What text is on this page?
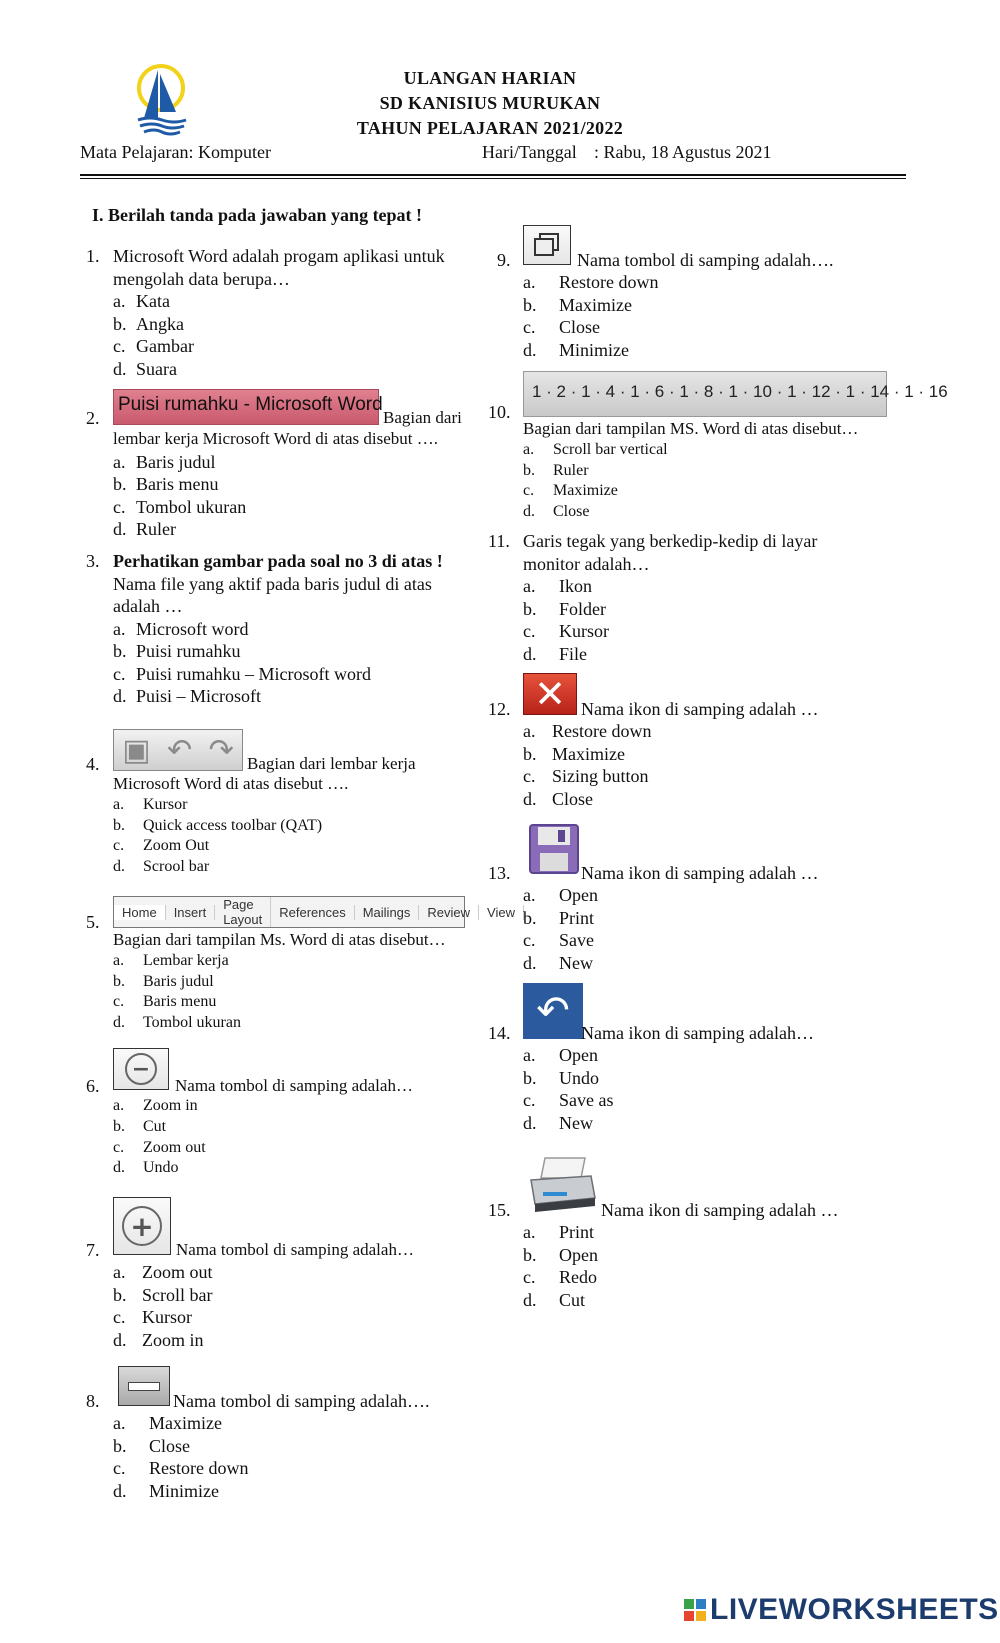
ULANGAN HARIAN
SD KANISIUS MURUKAN
TAHUN PELAJARAN 2021/2022
Mata Pelajaran: Komputer	Hari/Tanggal : Rabu, 18 Agustus 2021
I. Berilah tanda pada jawaban yang tepat !
1. Microsoft Word adalah progam aplikasi untuk
mengolah data berupa…
a. Kata
b. Angka
c. Gambar
d. Suara
Puisi rumahku - Microsoft Word
2.	Bagian dari
lembar kerja Microsoft Word di atas disebut ….
a. Baris judul
b. Baris menu
c. Tombol ukuran
d. Ruler
3. Perhatikan gambar pada soal no 3 di atas !
Nama file yang aktif pada baris judul di atas
adalah …
a. Microsoft word
b. Puisi rumahku
c. Puisi rumahku – Microsoft word
d. Puisi – Microsoft
▣ ↶ ↷
4.	Bagian dari lembar kerja
Microsoft Word di atas disebut ….
a. Kursor
b. Quick access toolbar (QAT)
c. Zoom Out
d. Scrool bar
Home	Insert	Page Layout	References	Mailings	Review	View
5.
Bagian dari tampilan Ms. Word di atas disebut…
a. Lembar kerja
b. Baris judul
c. Baris menu
d. Tombol ukuran
−
6.	Nama tombol di samping adalah…
a. Zoom in
b. Cut
c. Zoom out
d. Undo
+
7.	Nama tombol di samping adalah…
a. Zoom out
b. Scroll bar
c. Kursor
d. Zoom in
8.	Nama tombol di samping adalah….
a. Maximize
b. Close
c. Restore down
d. Minimize
9.	Nama tombol di samping adalah….
a. Restore down
b. Maximize
c. Close
d. Minimize
1 · 2 · 1 · 4 · 1 · 6 · 1 · 8 · 1 · 10 · 1 · 12 · 1 · 14 · 1 · 16
10.
Bagian dari tampilan MS. Word di atas disebut…
a. Scroll bar vertical
b. Ruler
c. Maximize
d. Close
11. Garis tegak yang berkedip-kedip di layar
monitor adalah…
a. Ikon
b. Folder
c. Kursor
d. File
✕
12.	Nama ikon di samping adalah …
a. Restore down
b. Maximize
c. Sizing button
d. Close
13.	Nama ikon di samping adalah …
a. Open
b. Print
c. Save
d. New
↶
14.	Nama ikon di samping adalah…
a. Open
b. Undo
c. Save as
d. New
15.	Nama ikon di samping adalah …
a. Print
b. Open
c. Redo
d. Cut
LIVEWORKSHEETS
